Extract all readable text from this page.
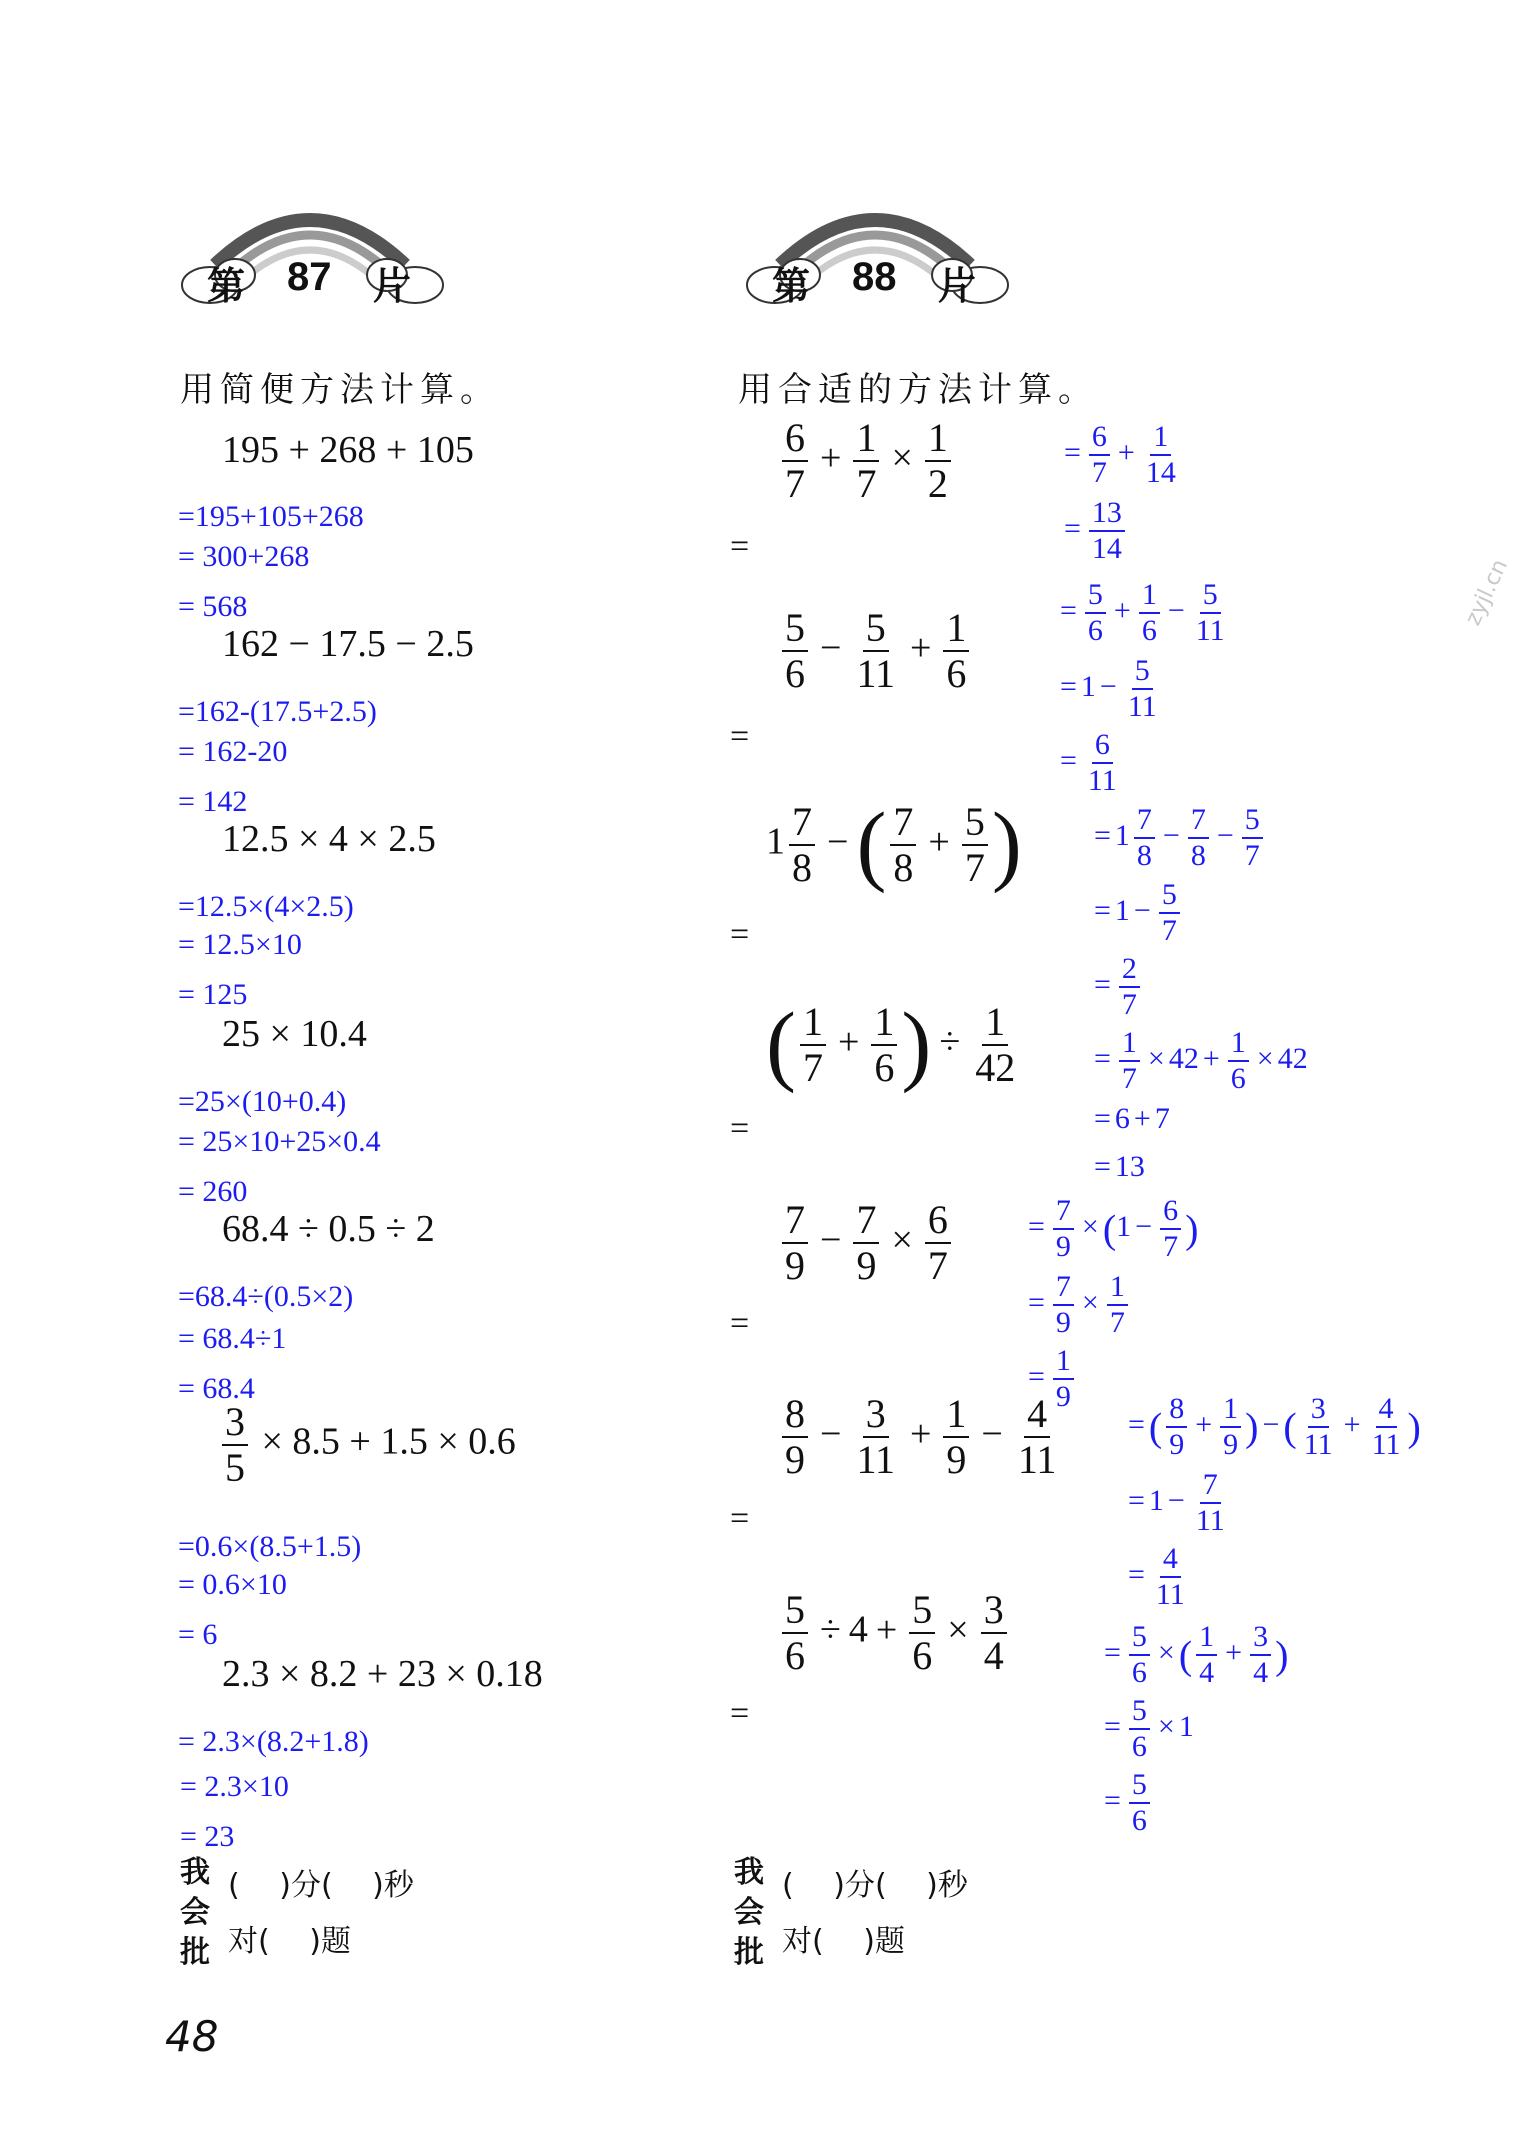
第 87 片
用简便方法计算。
195 + 268 + 105
=195+105+268
= 300+268
= 568
162 − 17.5 − 2.5
=162-(17.5+2.5)
= 162-20
= 142
12.5 × 4 × 2.5
=12.5×(4×2.5)
= 12.5×10
= 125
25 × 10.4
=25×(10+0.4)
= 25×10+25×0.4
= 260
68.4 ÷ 0.5 ÷ 2
=68.4÷(0.5×2)
= 68.4÷1
= 68.4
$\frac{3}{5} \times 8.5 + 1.5 \times 0.6$
=0.6×(8.5+1.5)
= 0.6×10
= 6
2.3 × 8.2 + 23 × 0.18
= 2.3×(8.2+1.8)
= 2.3×10
= 23
我
会
批
(　 )分(　 )秒
对(　 )题
48
第 88 片
用合适的方法计算。
zyjl.cn
$\frac{6}{7} + \frac{1}{7} \times \frac{1}{2}$
=
= $\frac{6}{7} + \frac{1}{14}$
= $\frac{13}{14}$
$\frac{5}{6} - \frac{5}{11} + \frac{1}{6}$
=
= $\frac{5}{6} + \frac{1}{6} - \frac{5}{11}$
= $1 - \frac{5}{11}$
= $\frac{6}{11}$
$1 \frac{7}{8}$ −( $\frac{7}{8} + \frac{5}{7}$ )
=
= $1 \frac{7}{8} - \frac{7}{8} - \frac{5}{7}$
= $1 - \frac{5}{7}$
= $\frac{2}{7}$
( $\frac{1}{7} + \frac{1}{6}$ ) ÷ $\frac{1}{42}$
=
= $\frac{1}{7} \times 42 + \frac{1}{6} \times 42$
= 6 + 7
= 13
$\frac{7}{9} - \frac{7}{9} \times \frac{6}{7}$
=
= $\frac{7}{9} \times (1 - \frac{6}{7}$ )
= $\frac{7}{9} \times \frac{1}{7}$
= $\frac{1}{9}$
$\frac{8}{9} - \frac{3}{11} + \frac{1}{9} - \frac{4}{11}$
=
= ( $\frac{8}{9} + \frac{1}{9}$ ) − ( $\frac{3}{11} + \frac{4}{11}$ )
= $1 - \frac{7}{11}$
= $\frac{4}{11}$
$\frac{5}{6} \div 4 + \frac{5}{6} \times \frac{3}{4}$
=
= $\frac{5}{6}$ × ( $\frac{1}{4} + \frac{3}{4}$ )
= $\frac{5}{6} \times 1$
= $\frac{5}{6}$
我
会
批
(　 )分(　 )秒
对(　 )题
